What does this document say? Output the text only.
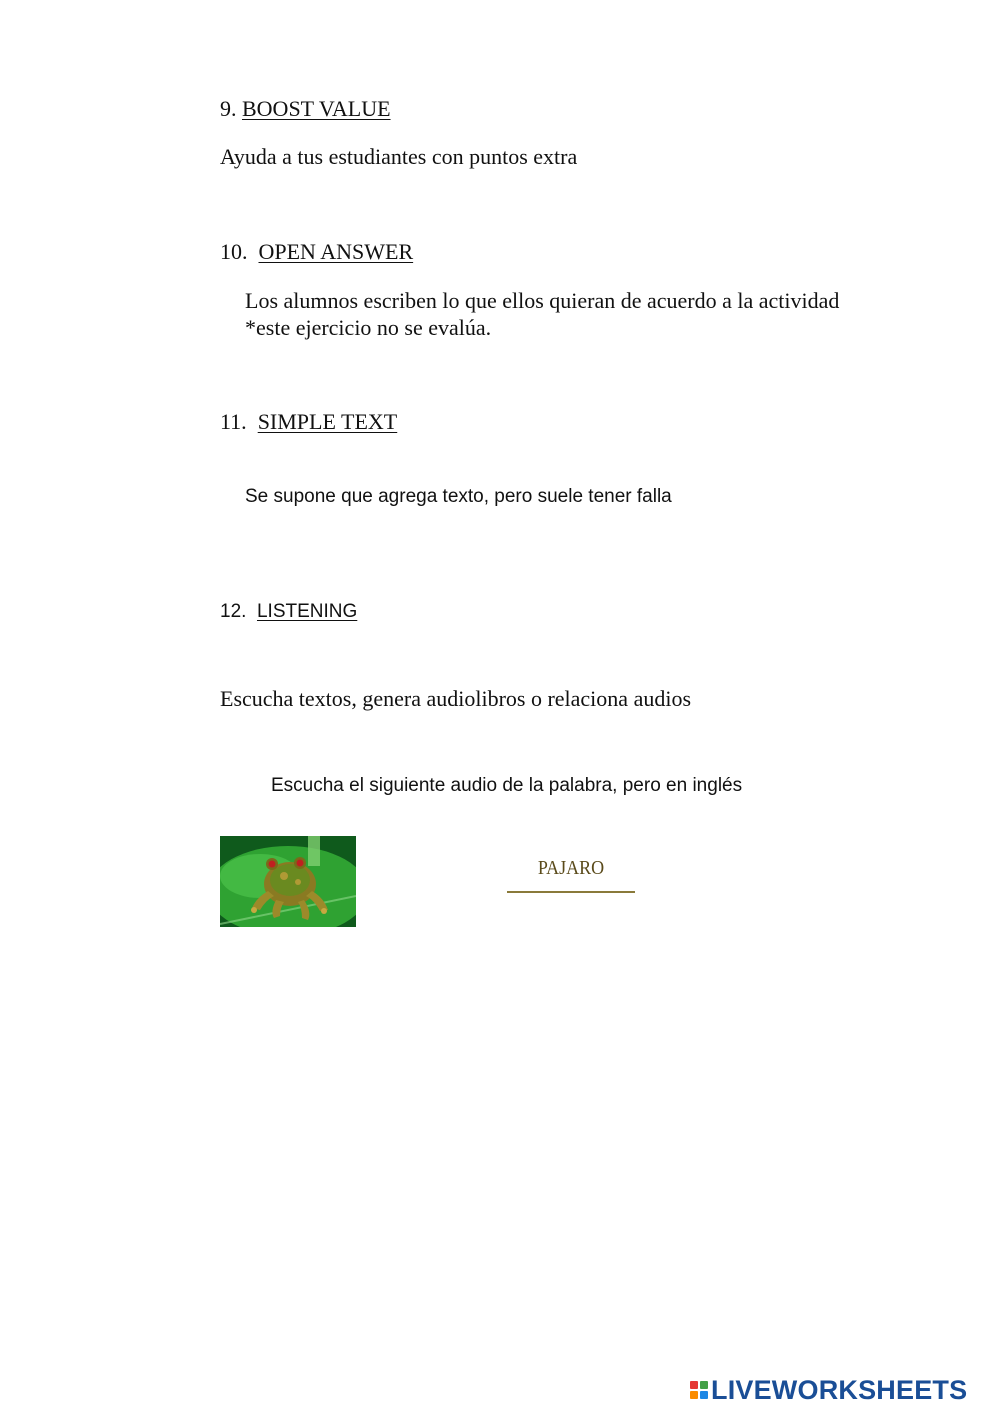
9. BOOST VALUE
Ayuda a tus estudiantes con puntos extra
10. OPEN ANSWER
Los alumnos escriben lo que ellos quieran de acuerdo a la actividad
*este ejercicio no se evalúa.
11. SIMPLE TEXT
Se supone que agrega texto, pero suele tener falla
12. LISTENING
Escucha textos, genera audiolibros o relaciona audios
Escucha el siguiente audio de la palabra, pero en inglés
PAJARO
LIVEWORKSHEETS
